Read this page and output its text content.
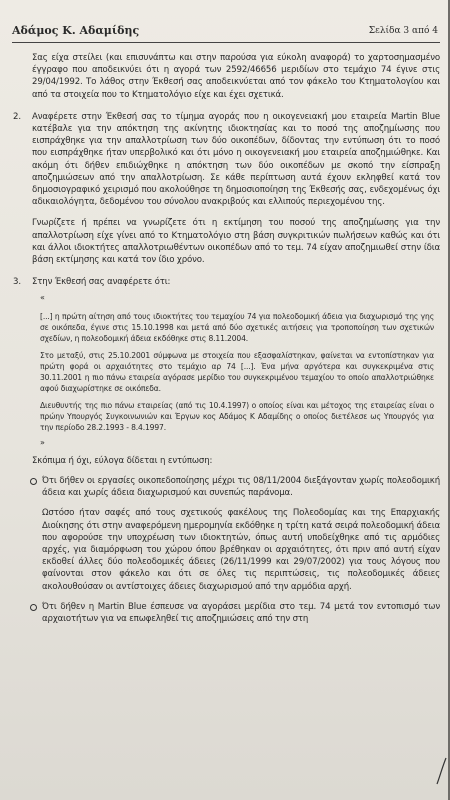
Αδάμος Κ. Αδαμίδης	Σελίδα 3 από 4

Σας είχα στείλει (και επισυνάπτω και στην παρούσα για εύκολη αναφορά) το χαρτοσημασμένο έγγραφο που αποδεικνύει ότι η αγορά των 2592/46656 μεριδίων στο τεμάχιο 74 έγινε στις 29/04/1992. Το λάθος στην Έκθεσή σας αποδεικνύεται από τον φάκελο του Κτηματολογίου και από τα στοιχεία που το Κτηματολόγιο είχε και έχει σχετικά.

2. Αναφέρετε στην Έκθεσή σας το τίμημα αγοράς που η οικογενειακή μου εταιρεία Martin Blue κατέβαλε για την απόκτηση της ακίνητης ιδιοκτησίας και το ποσό της αποζημίωσης που εισπράχθηκε για την απαλλοτρίωση των δύο οικοπέδων, δίδοντας την εντύπωση ότι το ποσό που εισπράχθηκε ήταν υπερβολικό και ότι μόνο η οικογενειακή μου εταιρεία αποζημιώθηκε. Και ακόμη ότι δήθεν επιδιώχθηκε η απόκτηση των δύο οικοπέδων με σκοπό την είσπραξη αποζημιώσεων από την απαλλοτρίωση. Σε κάθε περίπτωση αυτά έχουν εκληφθεί κατά τον δημοσιογραφικό χειρισμό που ακολούθησε τη δημοσιοποίηση της Έκθεσής σας, ενδεχομένως όχι αδικαιολόγητα, δεδομένου του σύνολου ανακριβούς και ελλιπούς περιεχομένου της.

Γνωρίζετε ή πρέπει να γνωρίζετε ότι η εκτίμηση του ποσού της αποζημίωσης για την απαλλοτρίωση είχε γίνει από το Κτηματολόγιο στη βάση συγκριτικών πωλήσεων καθώς και ότι και άλλοι ιδιοκτήτες απαλλοτριωθέντων οικοπέδων από το τεμ. 74 είχαν αποζημιωθεί στην ίδια βάση εκτίμησης και κατά τον ίδιο χρόνο.

3. Στην Έκθεσή σας αναφέρετε ότι:

«

[...] η πρώτη αίτηση από τους ιδιοκτήτες του τεμαχίου 74 για πολεοδομική άδεια για διαχωρισμό της γης σε οικόπεδα, έγινε στις 15.10.1998 και μετά από δύο σχετικές αιτήσεις για τροποποίηση των σχετικών σχεδίων, η πολεοδομική άδεια εκδόθηκε στις 8.11.2004.

Στο μεταξύ, στις 25.10.2001 σύμφωνα με στοιχεία που εξασφαλίστηκαν, φαίνεται να εντοπίστηκαν για πρώτη φορά οι αρχαιότητες στο τεμάχιο αρ 74 [...]. Ένα μήνα αργότερα και συγκεκριμένα στις 30.11.2001 η πιο πάνω εταιρεία αγόρασε μερίδιο του συγκεκριμένου τεμαχίου το οποίο απαλλοτριώθηκε αφού διαχωρίστηκε σε οικόπεδα.

Διευθυντής της πιο πάνω εταιρείας (από τις 10.4.1997) ο οποίος είναι και μέτοχος της εταιρείας είναι ο πρώην Υπουργός Συγκοινωνιών και Έργων κος Αδάμος Κ Αδαμίδης ο οποίος διετέλεσε ως Υπουργός για την περίοδο 28.2.1993 - 8.4.1997.

»

Σκόπιμα ή όχι, εύλογα δίδεται η εντύπωση:

Ότι δήθεν οι εργασίες οικοπεδοποίησης μέχρι τις 08/11/2004 διεξάγονταν χωρίς πολεοδομική άδεια και χωρίς άδεια διαχωρισμού και συνεπώς παράνομα.

Ωστόσο ήταν σαφές από τους σχετικούς φακέλους της Πολεοδομίας και της Επαρχιακής Διοίκησης ότι στην αναφερόμενη ημερομηνία εκδόθηκε η τρίτη κατά σειρά πολεοδομική άδεια που αφορούσε την υποχρέωση των ιδιοκτητών, όπως αυτή υποδείχθηκε από τις αρμόδιες αρχές, για διαμόρφωση του χώρου όπου βρέθηκαν οι αρχαιότητες, ότι πριν από αυτή είχαν εκδοθεί άλλες δύο πολεοδομικές άδειες (26/11/1999 και 29/07/2002) για τους λόγους που φαίνονται στον φάκελο και ότι σε όλες τις περιπτώσεις, τις πολεοδομικές άδειες ακολουθούσαν οι αντίστοιχες άδειες διαχωρισμού από την αρμόδια αρχή.

Ότι δήθεν η Martin Blue έσπευσε να αγοράσει μερίδια στο τεμ. 74 μετά τον εντοπισμό των αρχαιοτήτων για να επωφεληθεί τις αποζημιώσεις από την στη
